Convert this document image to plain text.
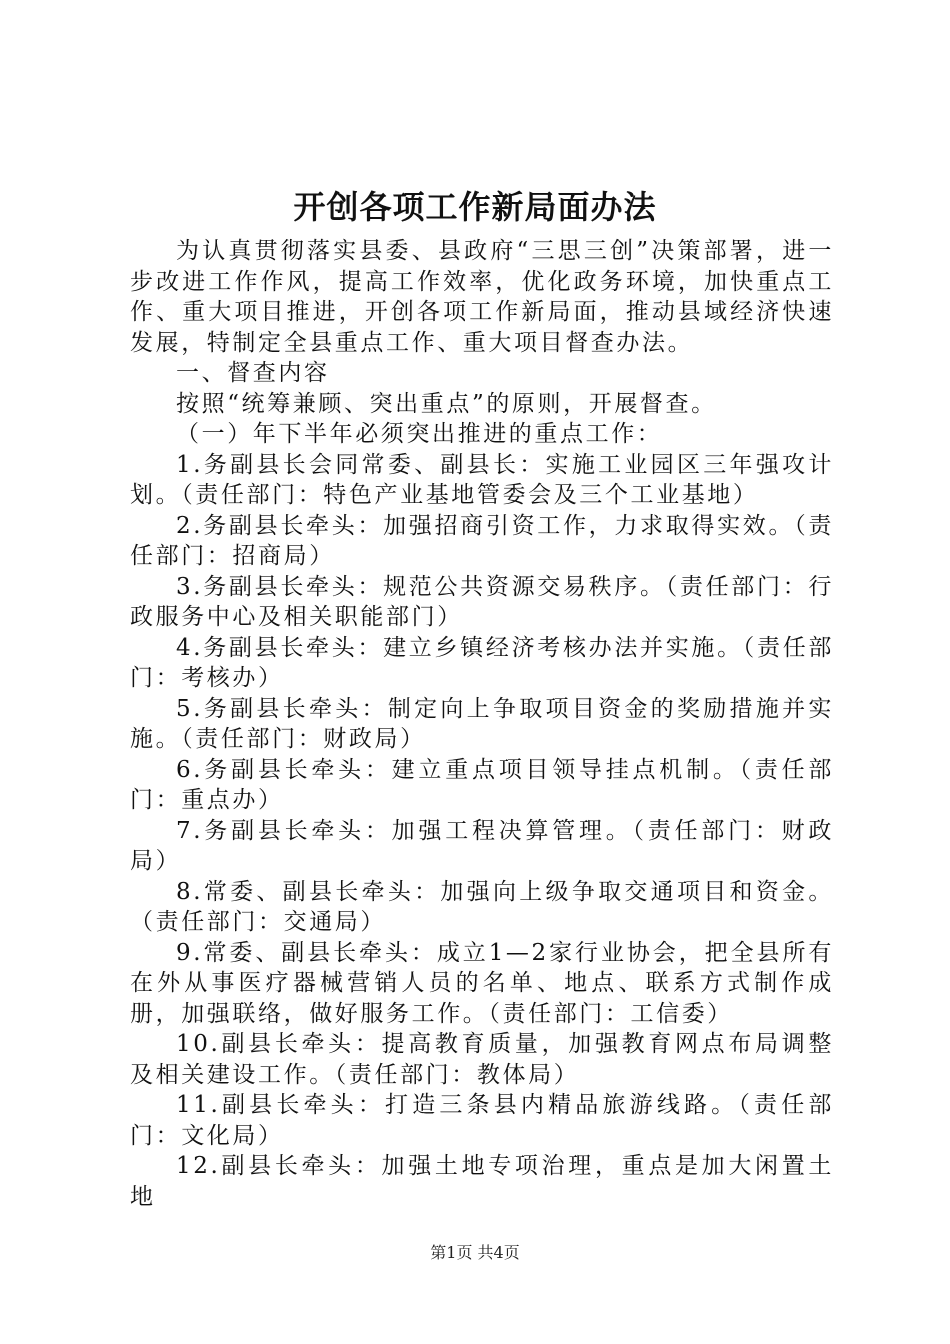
开创各项工作新局面办法

为认真贯彻落实县委、县政府“三思三创”决策部署，进一步改进工作作风，提高工作效率，优化政务环境，加快重点工作、重大项目推进，开创各项工作新局面，推动县域经济快速发展，特制定全县重点工作、重大项目督查办法。

一、督查内容

按照“统筹兼顾、突出重点”的原则，开展督查。

（一）年下半年必须突出推进的重点工作：

1.务副县长会同常委、副县长：实施工业园区三年强攻计划。（责任部门：特色产业基地管委会及三个工业基地）

2.务副县长牵头：加强招商引资工作，力求取得实效。（责任部门：招商局）

3.务副县长牵头：规范公共资源交易秩序。（责任部门：行政服务中心及相关职能部门）

4.务副县长牵头：建立乡镇经济考核办法并实施。（责任部门：考核办）

5.务副县长牵头：制定向上争取项目资金的奖励措施并实施。（责任部门：财政局）

6.务副县长牵头：建立重点项目领导挂点机制。（责任部门：重点办）

7.务副县长牵头：加强工程决算管理。（责任部门：财政局）

8.常委、副县长牵头：加强向上级争取交通项目和资金。（责任部门：交通局）

9.常委、副县长牵头：成立1—2家行业协会，把全县所有在外从事医疗器械营销人员的名单、地点、联系方式制作成册，加强联络，做好服务工作。（责任部门：工信委）

10.副县长牵头：提高教育质量，加强教育网点布局调整及相关建设工作。（责任部门：教体局）

11.副县长牵头：打造三条县内精品旅游线路。（责任部门：文化局）

12.副县长牵头：加强土地专项治理，重点是加大闲置土地

第1页 共4页
